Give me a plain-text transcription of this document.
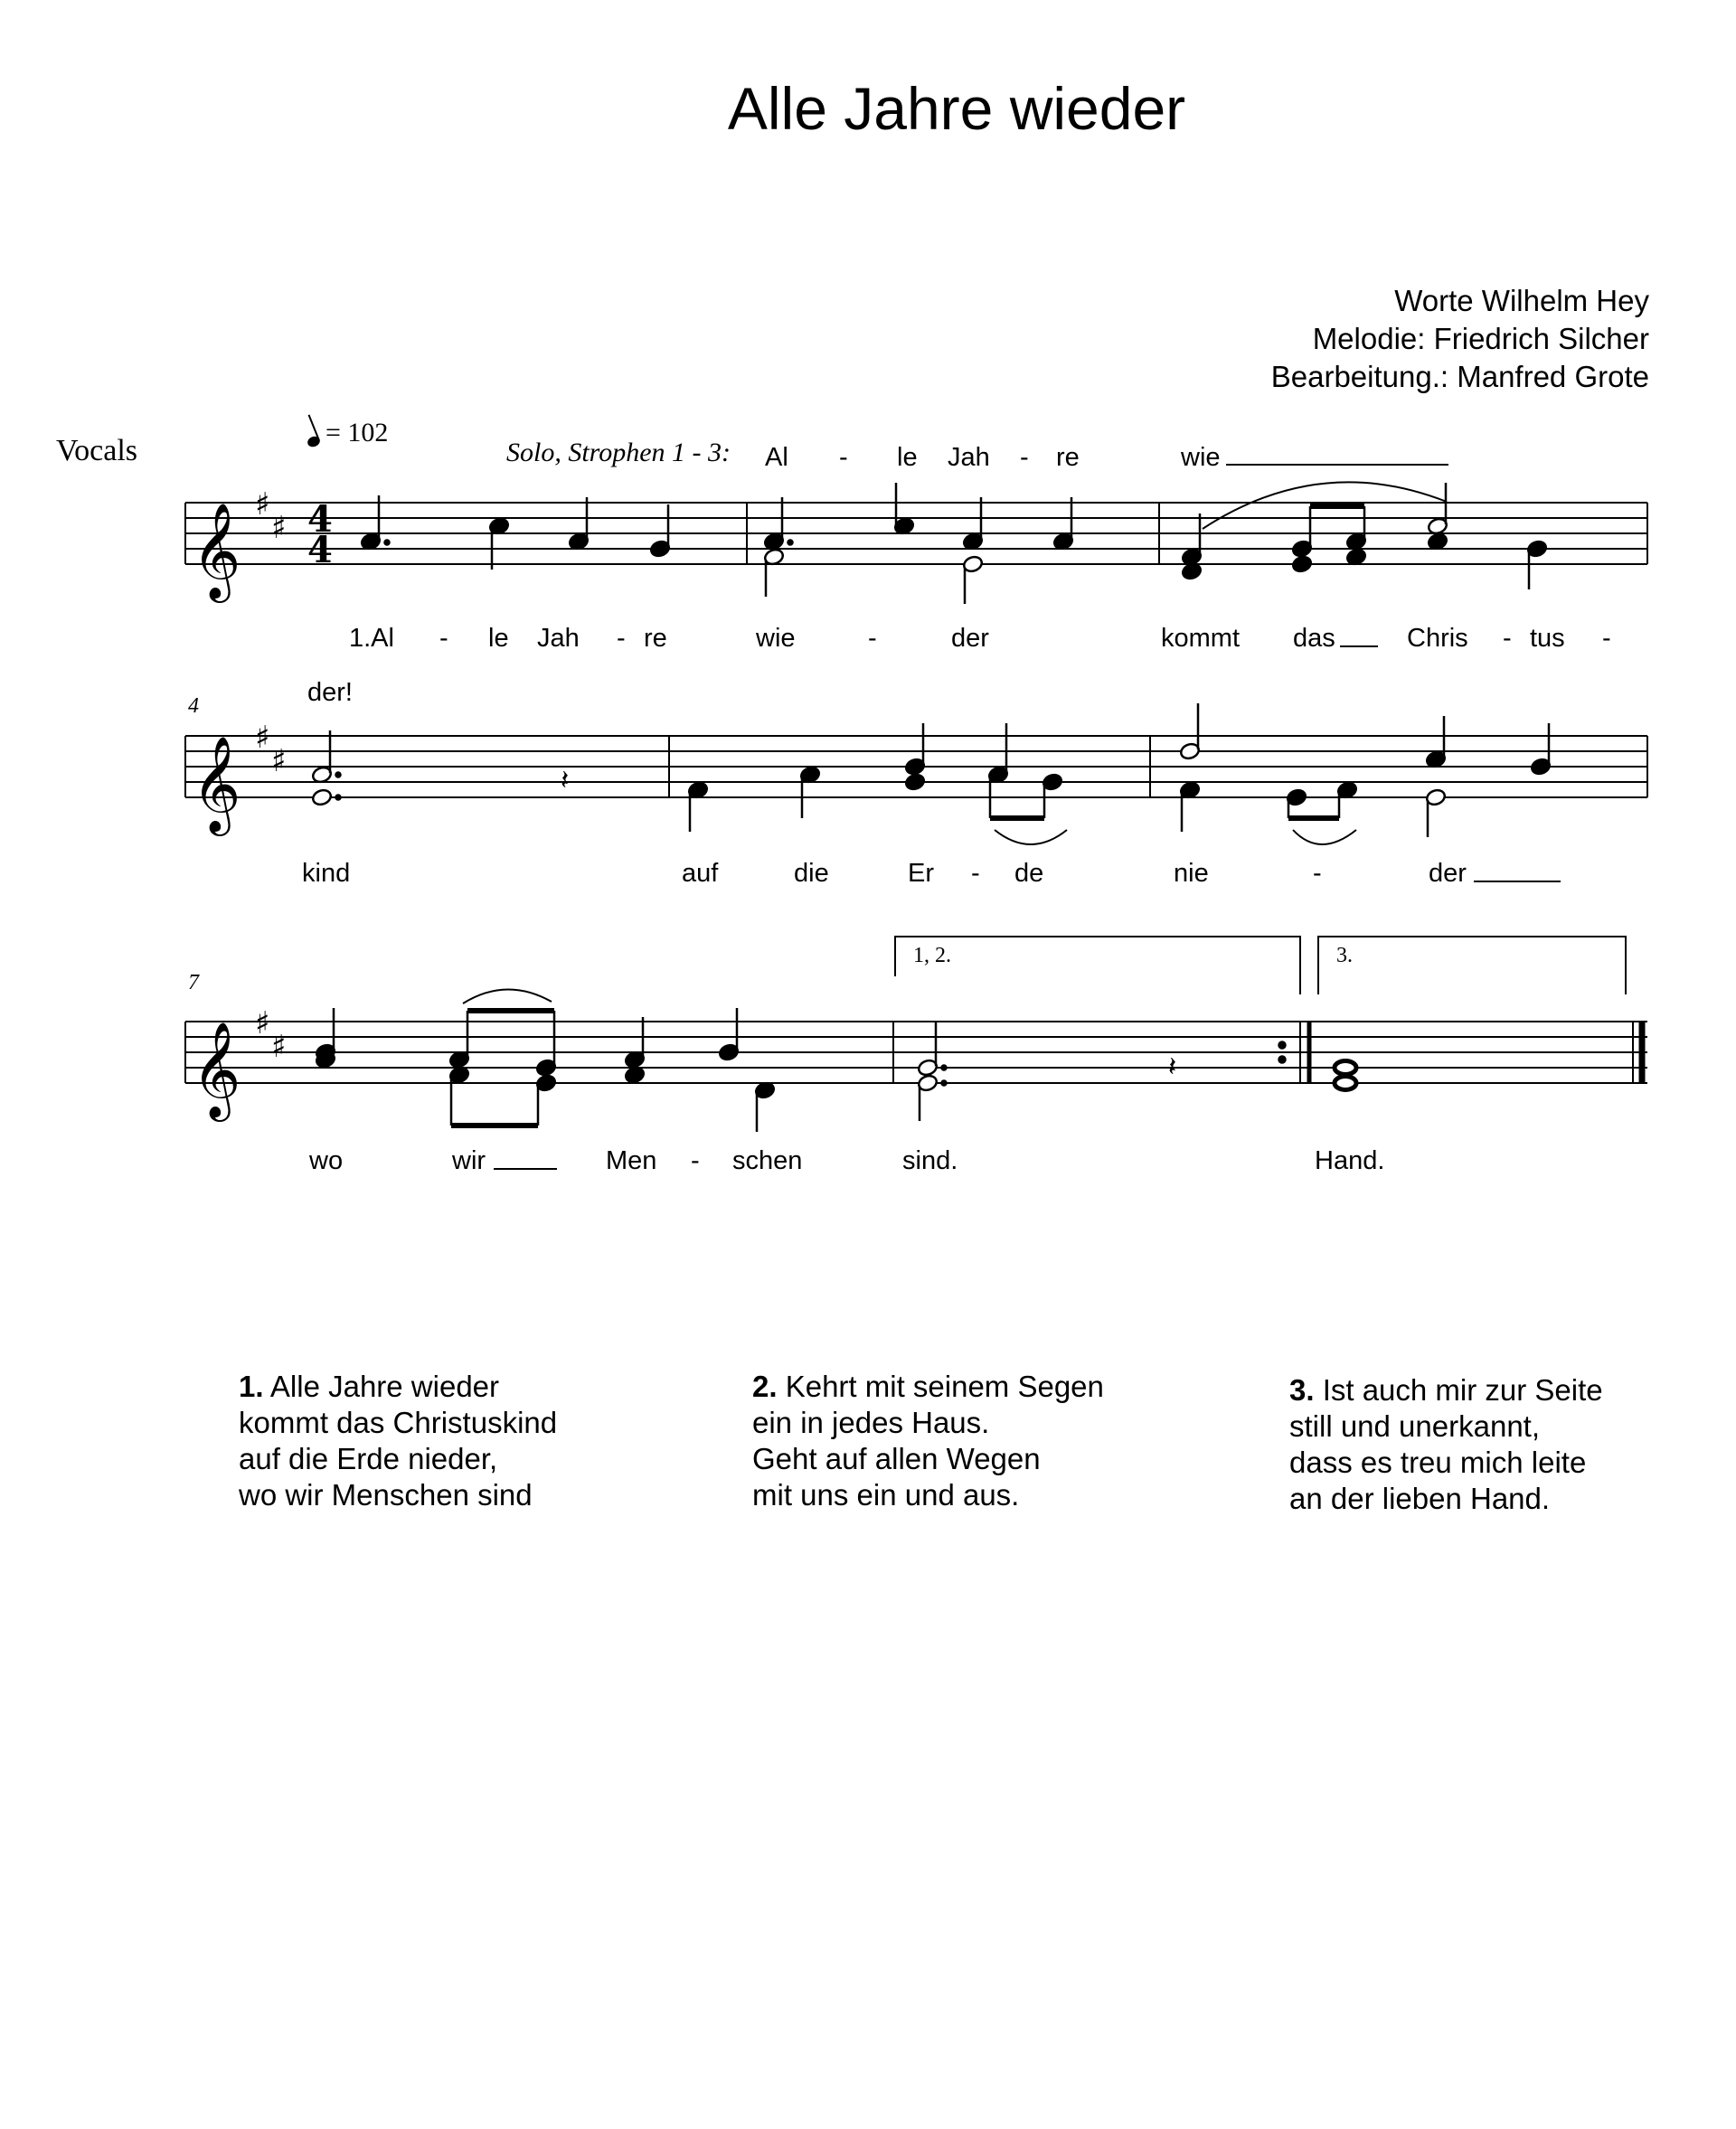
Alle Jahre wieder
Worte Wilhelm Hey
Melodie: Friedrich Silcher
Bearbeitung.: Manfred Grote
Vocals
= 102
Solo, Strophen 1 - 3:
𝄞
𝄞
𝄞
♯
♯
♯
♯
♯
♯
4
4
𝄽
𝄽
4
7
1, 2.	3.
Al - le Jah - re	wie
der!
1.Al - le Jah - re	wie	-	der	kommt das	Chris - tus -
kind	auf	die	Er - de	nie	-	der
wo	wir	Men - schen	sind.	Hand.
1. Alle Jahre wieder
kommt das Christuskind
auf die Erde nieder,
wo wir Menschen sind
2. Kehrt mit seinem Segen
ein in jedes Haus.
Geht auf allen Wegen
mit uns ein und aus.
3. Ist auch mir zur Seite
still und unerkannt,
dass es treu mich leite
an der lieben Hand.
